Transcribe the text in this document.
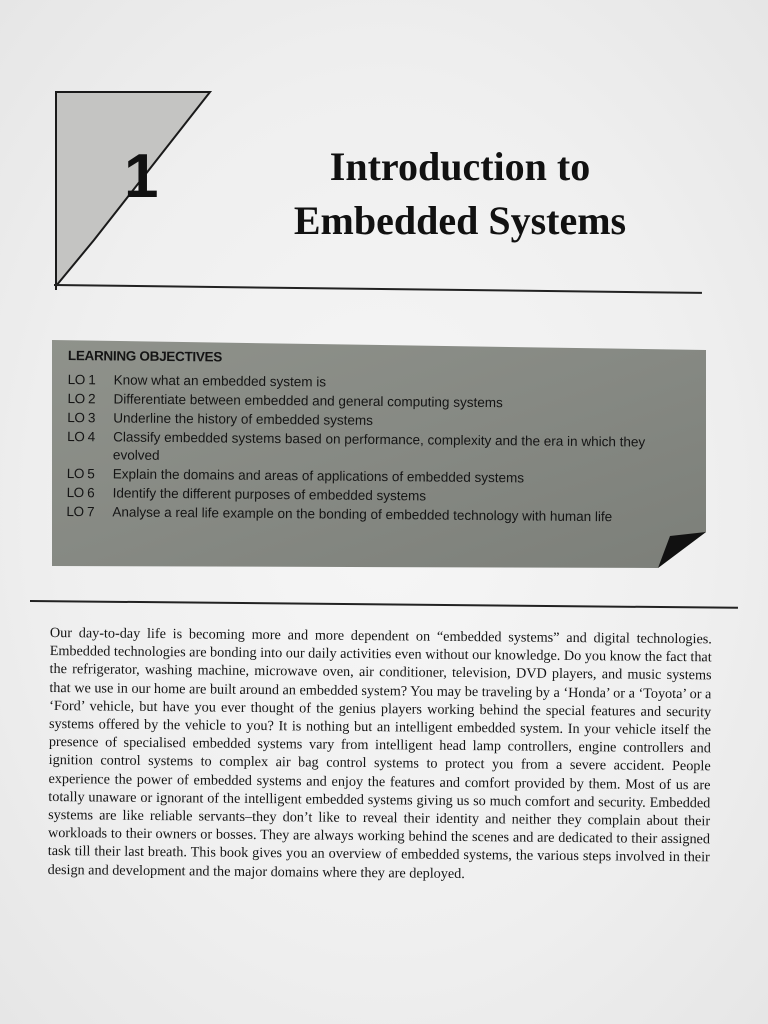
1	Introduction to
Embedded Systems
LEARNING OBJECTIVES
LO 1	Know what an embedded system is
LO 2	Differentiate between embedded and general computing systems
LO 3	Underline the history of embedded systems
LO 4	Classify embedded systems based on performance, complexity and the era in which they evolved
LO 5	Explain the domains and areas of applications of embedded systems
LO 6	Identify the different purposes of embedded systems
LO 7	Analyse a real life example on the bonding of embedded technology with human life

Our day-to-day life is becoming more and more dependent on “embedded systems” and digital technologies. Embedded technologies are bonding into our daily activities even without our knowledge. Do you know the fact that the refrigerator, washing machine, microwave oven, air conditioner, television, DVD players, and music systems that we use in our home are built around an embedded system? You may be traveling by a ‘Honda’ or a ‘Toyota’ or a ‘Ford’ vehicle, but have you ever thought of the genius players working behind the special features and security systems offered by the vehicle to you? It is nothing but an intelligent embedded system. In your vehicle itself the presence of specialised embedded systems vary from intelligent head lamp controllers, engine controllers and ignition control systems to complex air bag control systems to protect you from a severe accident. People experience the power of embedded systems and enjoy the features and comfort provided by them. Most of us are totally unaware or ignorant of the intelligent embedded systems giving us so much comfort and security. Embedded systems are like reliable servants–they don’t like to reveal their identity and neither they complain about their workloads to their owners or bosses. They are always working behind the scenes and are dedicated to their assigned task till their last breath. This book gives you an overview of embedded systems, the various steps involved in their design and development and the major domains where they are deployed.
